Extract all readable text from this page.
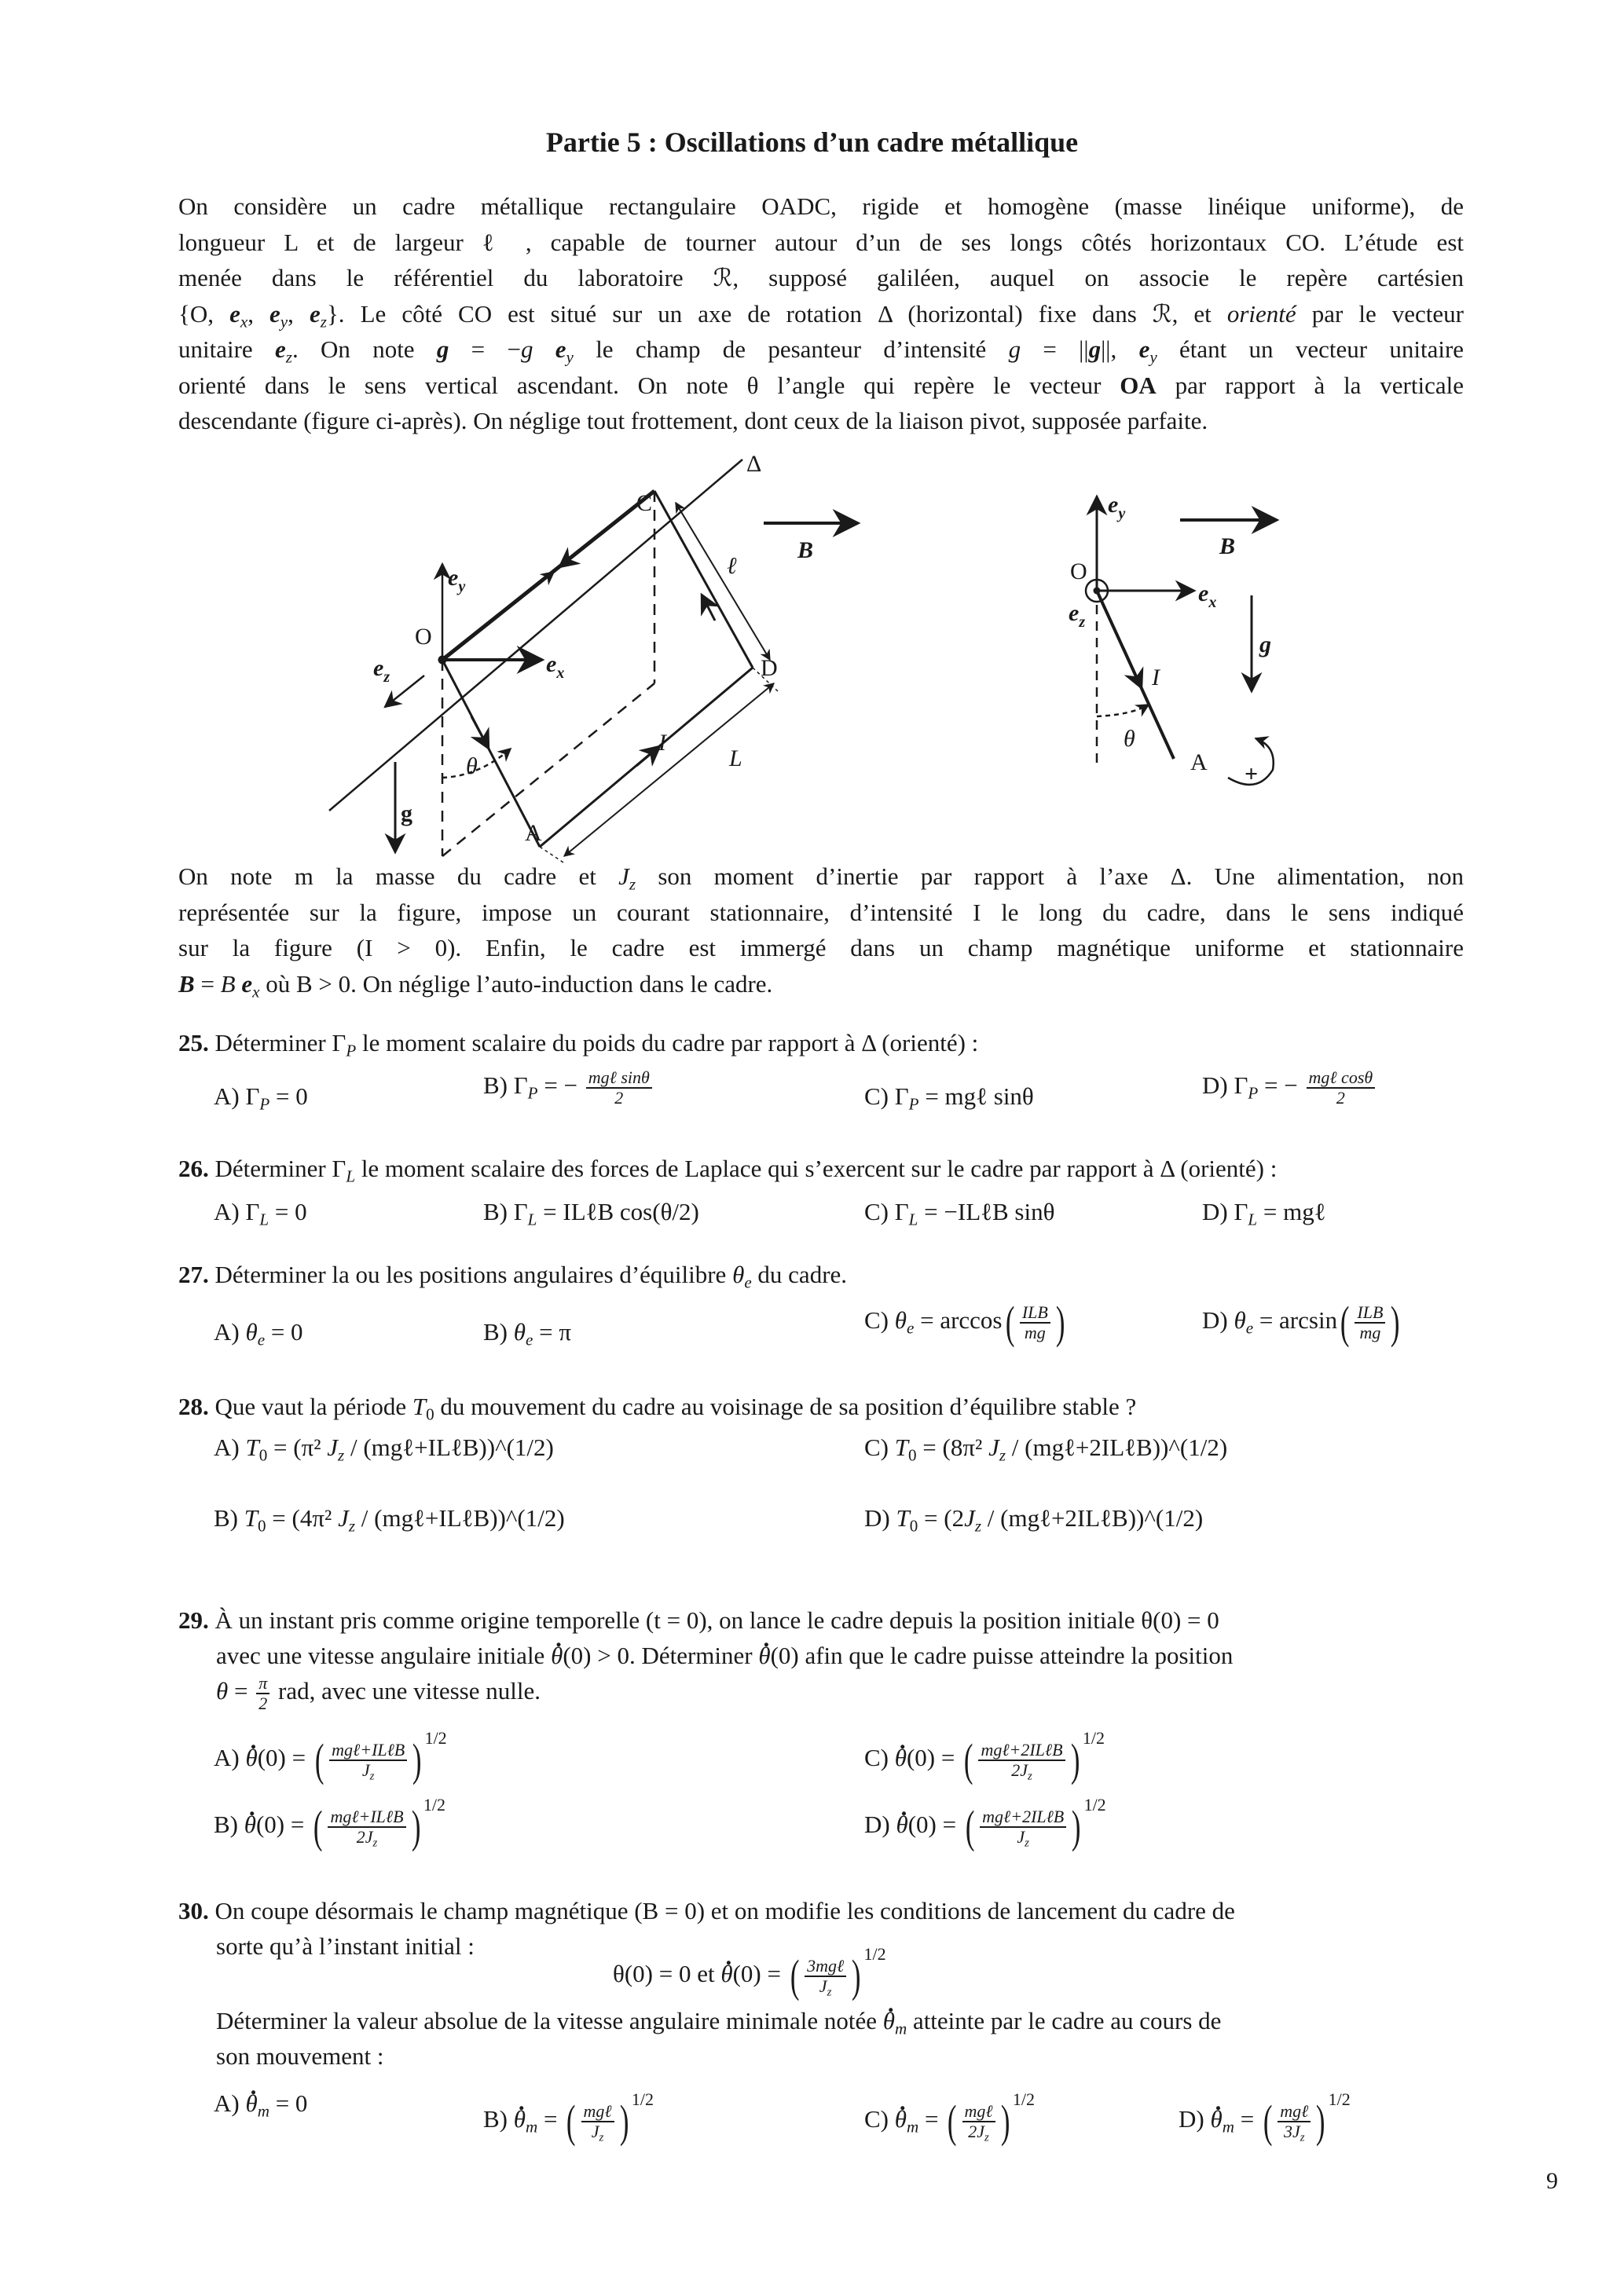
Partie 5 : Oscillations d’un cadre métallique
On considère un cadre métallique rectangulaire OADC, rigide et homogène (masse linéique uniforme), de
longueur L et de largeur ℓ , capable de tourner autour d’un de ses longs côtés horizontaux CO. L’étude est
menée dans le référentiel du laboratoire ℛ, supposé galiléen, auquel on associe le repère cartésien
{O, $e_x$, $e_y$, $e_z$}. Le côté CO est situé sur un axe de rotation Δ (horizontal) fixe dans ℛ, et orienté par le vecteur
unitaire $e_z$. On note g = −g $e_y$ le champ de pesanteur d’intensité g = ||g||, $e_y$ étant un vecteur unitaire
orienté dans le sens vertical ascendant. On note θ l’angle qui repère le vecteur OA par rapport à la verticale
descendante (figure ci-après). On néglige tout frottement, dont ceux de la liaison pivot, supposée parfaite.
Δ
C
D
O
A
ℓ
L
I
θ
B
g
$e_y$
$e_x$
$e_z$
O
A
I
θ
B
g
+
$e_y$
$e_x$
$e_z$
On note m la masse du cadre et $J_z$ son moment d’inertie par rapport à l’axe Δ. Une alimentation, non
représentée sur la figure, impose un courant stationnaire, d’intensité I le long du cadre, dans le sens indiqué
sur la figure (I > 0). Enfin, le cadre est immergé dans un champ magnétique uniforme et stationnaire
B = B $e_x$ où B > 0. On néglige l’auto-induction dans le cadre.
25. Déterminer $\Gamma_P$ le moment scalaire du poids du cadre par rapport à Δ (orienté) :
A) $\Gamma_P = 0$	B) $\Gamma_P$ = − $\frac{\text{mgℓ sinθ}}{2}$	C) $\Gamma_P$ = mgℓ sinθ	D) $\Gamma_P$ = − $\frac{\text{mgℓ cosθ}}{2}$
26. Déterminer $\Gamma_L$ le moment scalaire des forces de Laplace qui s’exercent sur le cadre par rapport à Δ (orienté) :
A) $\Gamma_L = 0$	B) $\Gamma_L$ = ILℓB cos(θ/2)	C) $\Gamma_L$ = −ILℓB sinθ	D) $\Gamma_L$ = mgℓ
27. Déterminer la ou les positions angulaires d’équilibre $\theta_e$ du cadre.
A) $\theta_e = 0$	B) $\theta_e = \pi$	C) $\theta_e = \arccos( \frac{\text{ILB}}{mg}$ )	D) $\theta_e = \arcsin( \frac{\text{ILB}}{mg}$ )
28. Que vaut la période $T_0$ du mouvement du cadre au voisinage de sa position d’équilibre stable ?
A) $T_0 = (\pi^2$ $J_z$ / (mgℓ+ILℓB))^(1/2)
B) $T_0 = (4\pi^2$ $J_z$ / (mgℓ+ILℓB))^(1/2)
C) $T_0 = (8\pi^2$ $J_z$ / (mgℓ+2ILℓB))^(1/2)
D) $T_0 = (2J_z$ / (mgℓ+2ILℓB))^(1/2)
29. À un instant pris comme origine temporelle (t = 0), on lance le cadre depuis la position initiale θ(0) = 0
avec une vitesse angulaire initiale . θ(0) > 0. Déterminer . θ(0) afin que le cadre puisse atteindre la position
$\theta = \frac{\pi}{2}$ rad, avec une vitesse nulle.
A) . θ(0) = ( $\frac{\text{mgℓ+ILℓB}}{J_z}$ ) $^{1/2}$
B) . θ(0) = ( $\frac{\text{mgℓ+ILℓB}}{2J_z}$ ) $^{1/2}$
C) . θ(0) = ( $\frac{\text{mgℓ+2ILℓB}}{2J_z}$ ) $^{1/2}$
D) . θ(0) = ( $\frac{\text{mgℓ+2ILℓB}}{J_z}$ ) $^{1/2}$
30. On coupe désormais le champ magnétique (B = 0) et on modifie les conditions de lancement du cadre de
sorte qu’à l’instant initial :
θ(0) = 0 et . θ(0) = ( $\frac{\text{3mgℓ}}{J_z}$ ) $^{1/2}$
Déterminer la valeur absolue de la vitesse angulaire minimale notée . $\theta_m$ atteinte par le cadre au cours de
son mouvement :
A) . $\theta_m = 0$
B) . $\theta_m$ = ( $\frac{\text{mgℓ}}{J_z}$ ) $^{1/2}$
C) . $\theta_m$ = ( $\frac{\text{mgℓ}}{2J_z}$ ) $^{1/2}$
D) . $\theta_m$ = ( $\frac{\text{mgℓ}}{3J_z}$ ) $^{1/2}$
9
